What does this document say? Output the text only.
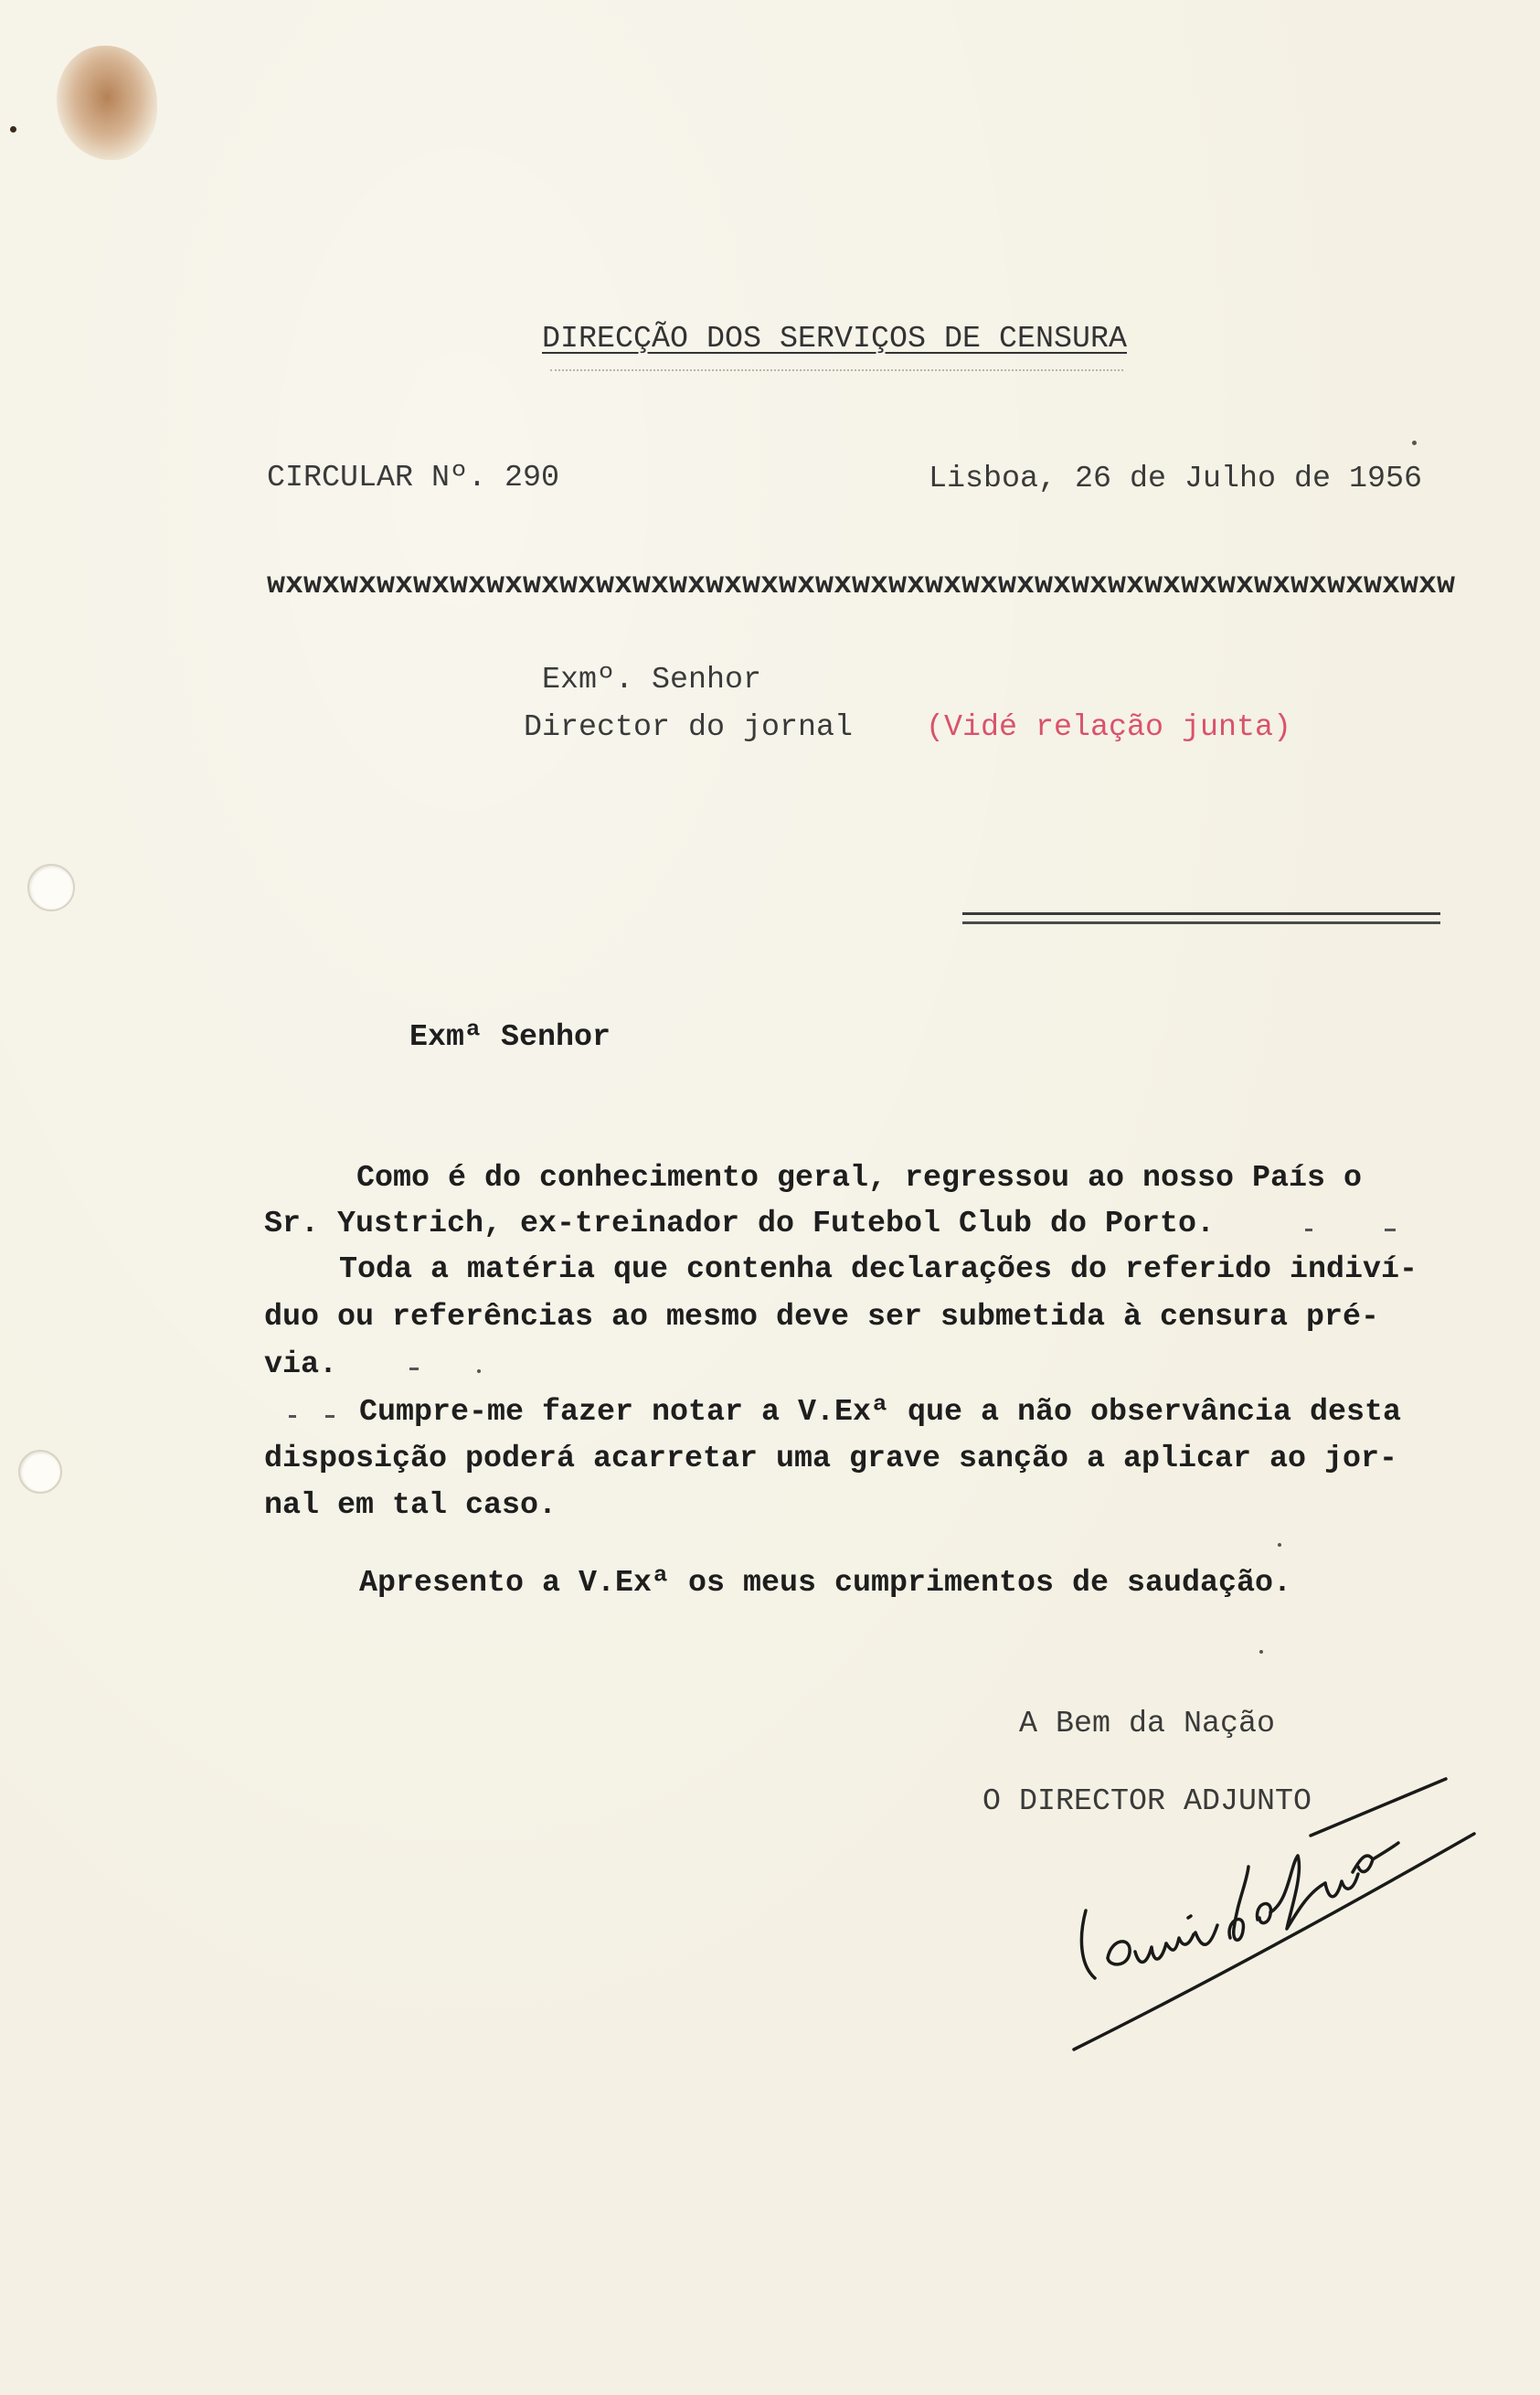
DIRECÇÃO DOS SERVIÇOS DE CENSURA
CIRCULAR Nº. 290	Lisboa, 26 de Julho de 1956
wxwxwxwxwxwxwxwxwxwxwxwxwxwxwxwxwxwxwxwxwxwxwxwxwxwxwxwxwxwxwxwxw
Exmº. Senhor
Director do jornal (Vidé relação junta)
Exmª Senhor
Como é do conhecimento geral, regressou ao nosso País o
Sr. Yustrich, ex-treinador do Futebol Club do Porto.
Toda a matéria que contenha declarações do referido indiví-
duo ou referências ao mesmo deve ser submetida à censura pré-
via.
Cumpre-me fazer notar a V.Exª que a não observância desta
disposição poderá acarretar uma grave sanção a aplicar ao jor-
nal em tal caso.
Apresento a V.Exª os meus cumprimentos de saudação.
A Bem da Nação
O DIRECTOR ADJUNTO
